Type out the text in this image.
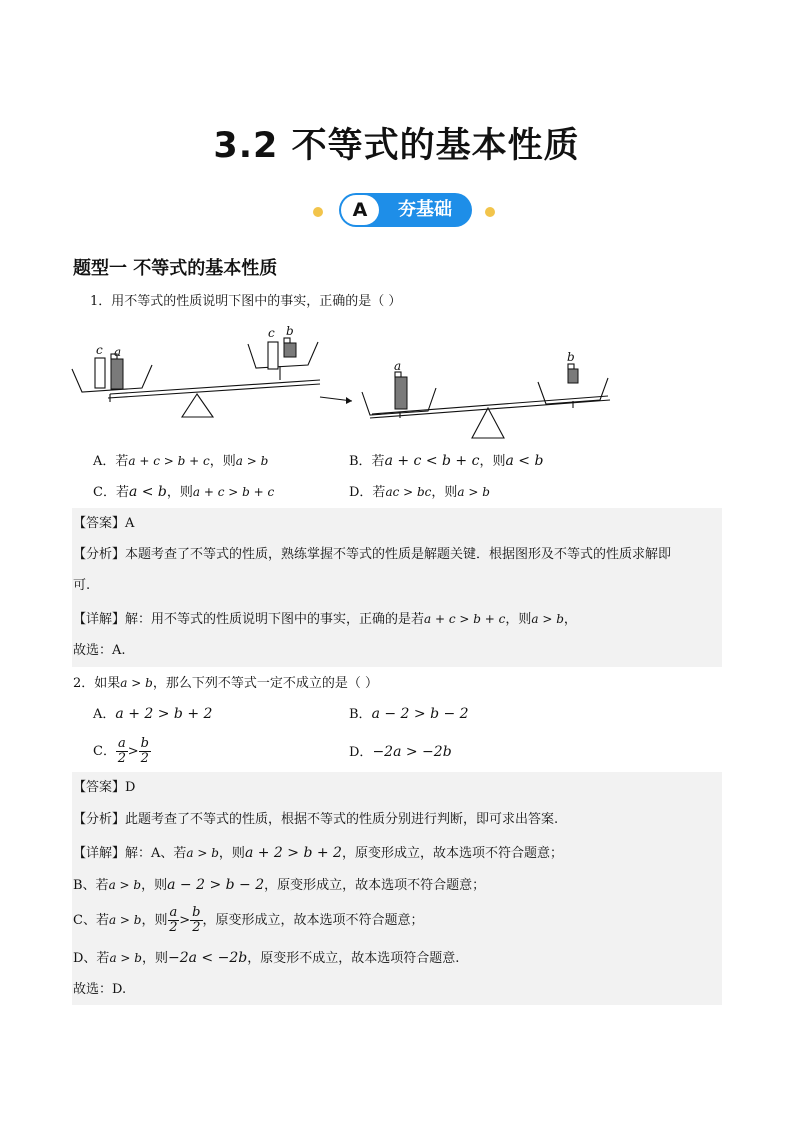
3.2 不等式的基本性质
A	夯基础
题型一 不等式的基本性质
1．用不等式的性质说明下图中的事实，正确的是（ ）
c a
c b
a
b
A．若a + c > b + c，则a > b	B．若a + c < b + c，则a < b
C．若a < b，则a + c > b + c	D．若ac > bc，则a > b
【答案】A
【分析】本题考查了不等式的性质，熟练掌握不等式的性质是解题关键．根据图形及不等式的性质求解即
可.
【详解】解：用不等式的性质说明下图中的事实，正确的是若a + c > b + c，则a > b，
故选：A.
2．如果a > b，那么下列不等式一定不成立的是（ ）
A．a + 2 > b + 2	B．a − 2 > b − 2
C． $\frac{a}{2} > \frac{b}{2}$	D．−2a > −2b
【答案】D
【分析】此题考查了不等式的性质，根据不等式的性质分别进行判断，即可求出答案.
【详解】解：A、若a > b，则a + 2 > b + 2，原变形成立，故本选项不符合题意；
B、若a > b，则a − 2 > b − 2，原变形成立，故本选项不符合题意；
C、若a > b，则 $\frac{a}{2} > \frac{b}{2}$ ，原变形成立，故本选项不符合题意；
D、若a > b，则−2a < −2b，原变形不成立，故本选项符合题意.
故选：D.
